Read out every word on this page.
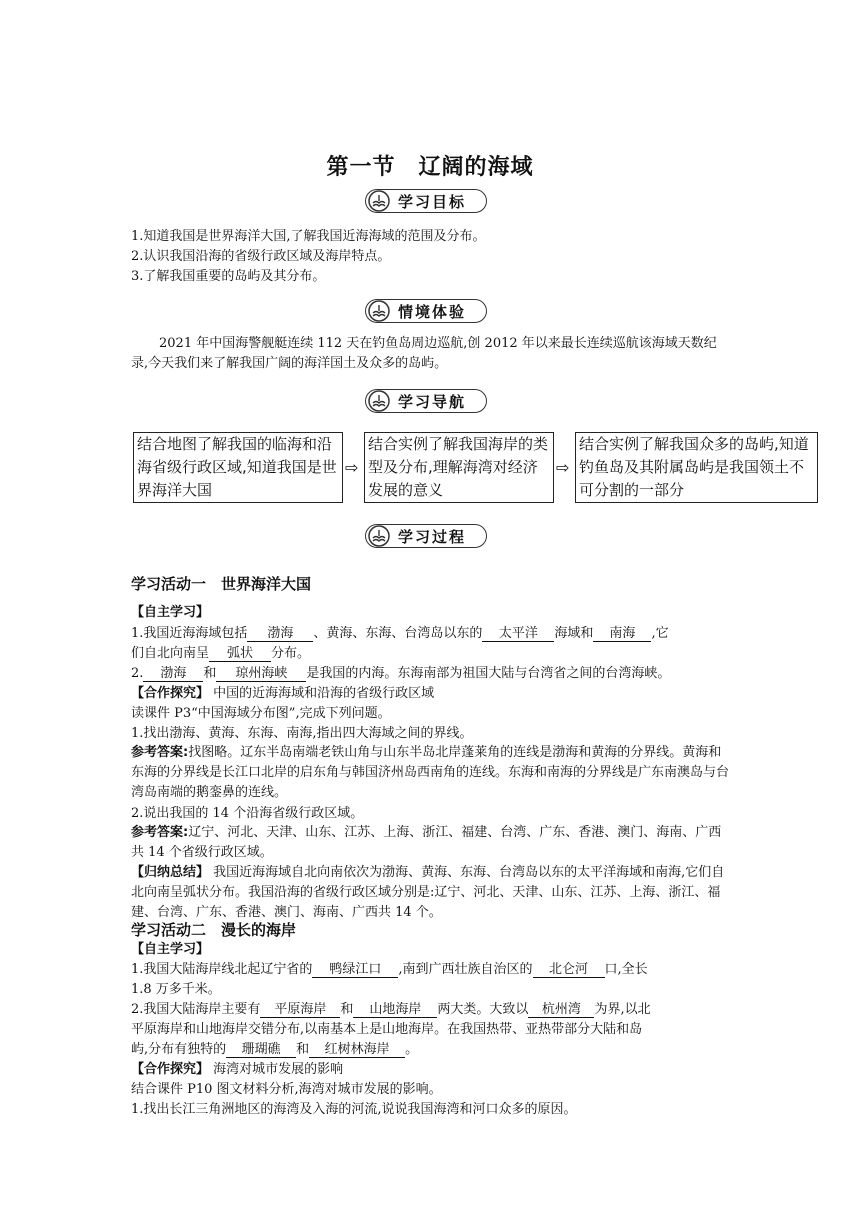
第一节　辽阔的海域
学习目标
1.知道我国是世界海洋大国,了解我国近海海域的范围及分布。
2.认识我国沿海的省级行政区域及海岸特点。
3.了解我国重要的岛屿及其分布。
情境体验
2021 年中国海警舰艇连续 112 天在钓鱼岛周边巡航,创 2012 年以来最长连续巡航该海域天数纪录,今天我们来了解我国广阔的海洋国土及众多的岛屿。
学习导航
结合地图了解我国的临海和沿海省级行政区域,知道我国是世界海洋大国
⇨
结合实例了解我国海岸的类型及分布,理解海湾对经济发展的意义
⇨
结合实例了解我国众多的岛屿,知道钓鱼岛及其附属岛屿是我国领土不可分割的一部分
学习过程
学习活动一　世界海洋大国
【自主学习】
1.我国近海海域包括 渤海 、黄海、东海、台湾岛以东的 太平洋 海域和 南海 ,它
们自北向南呈 弧状 分布。
2. 渤海 和 琼州海峡 是我国的内海。东海南部为祖国大陆与台湾省之间的台湾海峡。
【合作探究】 中国的近海海域和沿海的省级行政区域
读课件 P3“中国海域分布图”,完成下列问题。
1.找出渤海、黄海、东海、南海,指出四大海域之间的界线。
参考答案:找图略。辽东半岛南端老铁山角与山东半岛北岸蓬莱角的连线是渤海和黄海的分界线。黄海和东海的分界线是长江口北岸的启东角与韩国济州岛西南角的连线。东海和南海的分界线是广东南澳岛与台湾岛南端的鹅銮鼻的连线。
2.说出我国的 14 个沿海省级行政区域。
参考答案:辽宁、河北、天津、山东、江苏、上海、浙江、福建、台湾、广东、香港、澳门、海南、广西共 14 个省级行政区域。
【归纳总结】 我国近海海域自北向南依次为渤海、黄海、东海、台湾岛以东的太平洋海域和南海,它们自北向南呈弧状分布。我国沿海的省级行政区域分别是:辽宁、河北、天津、山东、江苏、上海、浙江、福建、台湾、广东、香港、澳门、海南、广西共 14 个。
学习活动二　漫长的海岸
【自主学习】
1.我国大陆海岸线北起辽宁省的 鸭绿江口 ,南到广西壮族自治区的 北仑河 口,全长
1.8 万多千米。
2.我国大陆海岸主要有 平原海岸 和 山地海岸 两大类。大致以 杭州湾 为界,以北
平原海岸和山地海岸交错分布,以南基本上是山地海岸。在我国热带、亚热带部分大陆和岛
屿,分布有独特的 珊瑚礁 和 红树林海岸 。
【合作探究】 海湾对城市发展的影响
结合课件 P10 图文材料分析,海湾对城市发展的影响。
1.找出长江三角洲地区的海湾及入海的河流,说说我国海湾和河口众多的原因。
